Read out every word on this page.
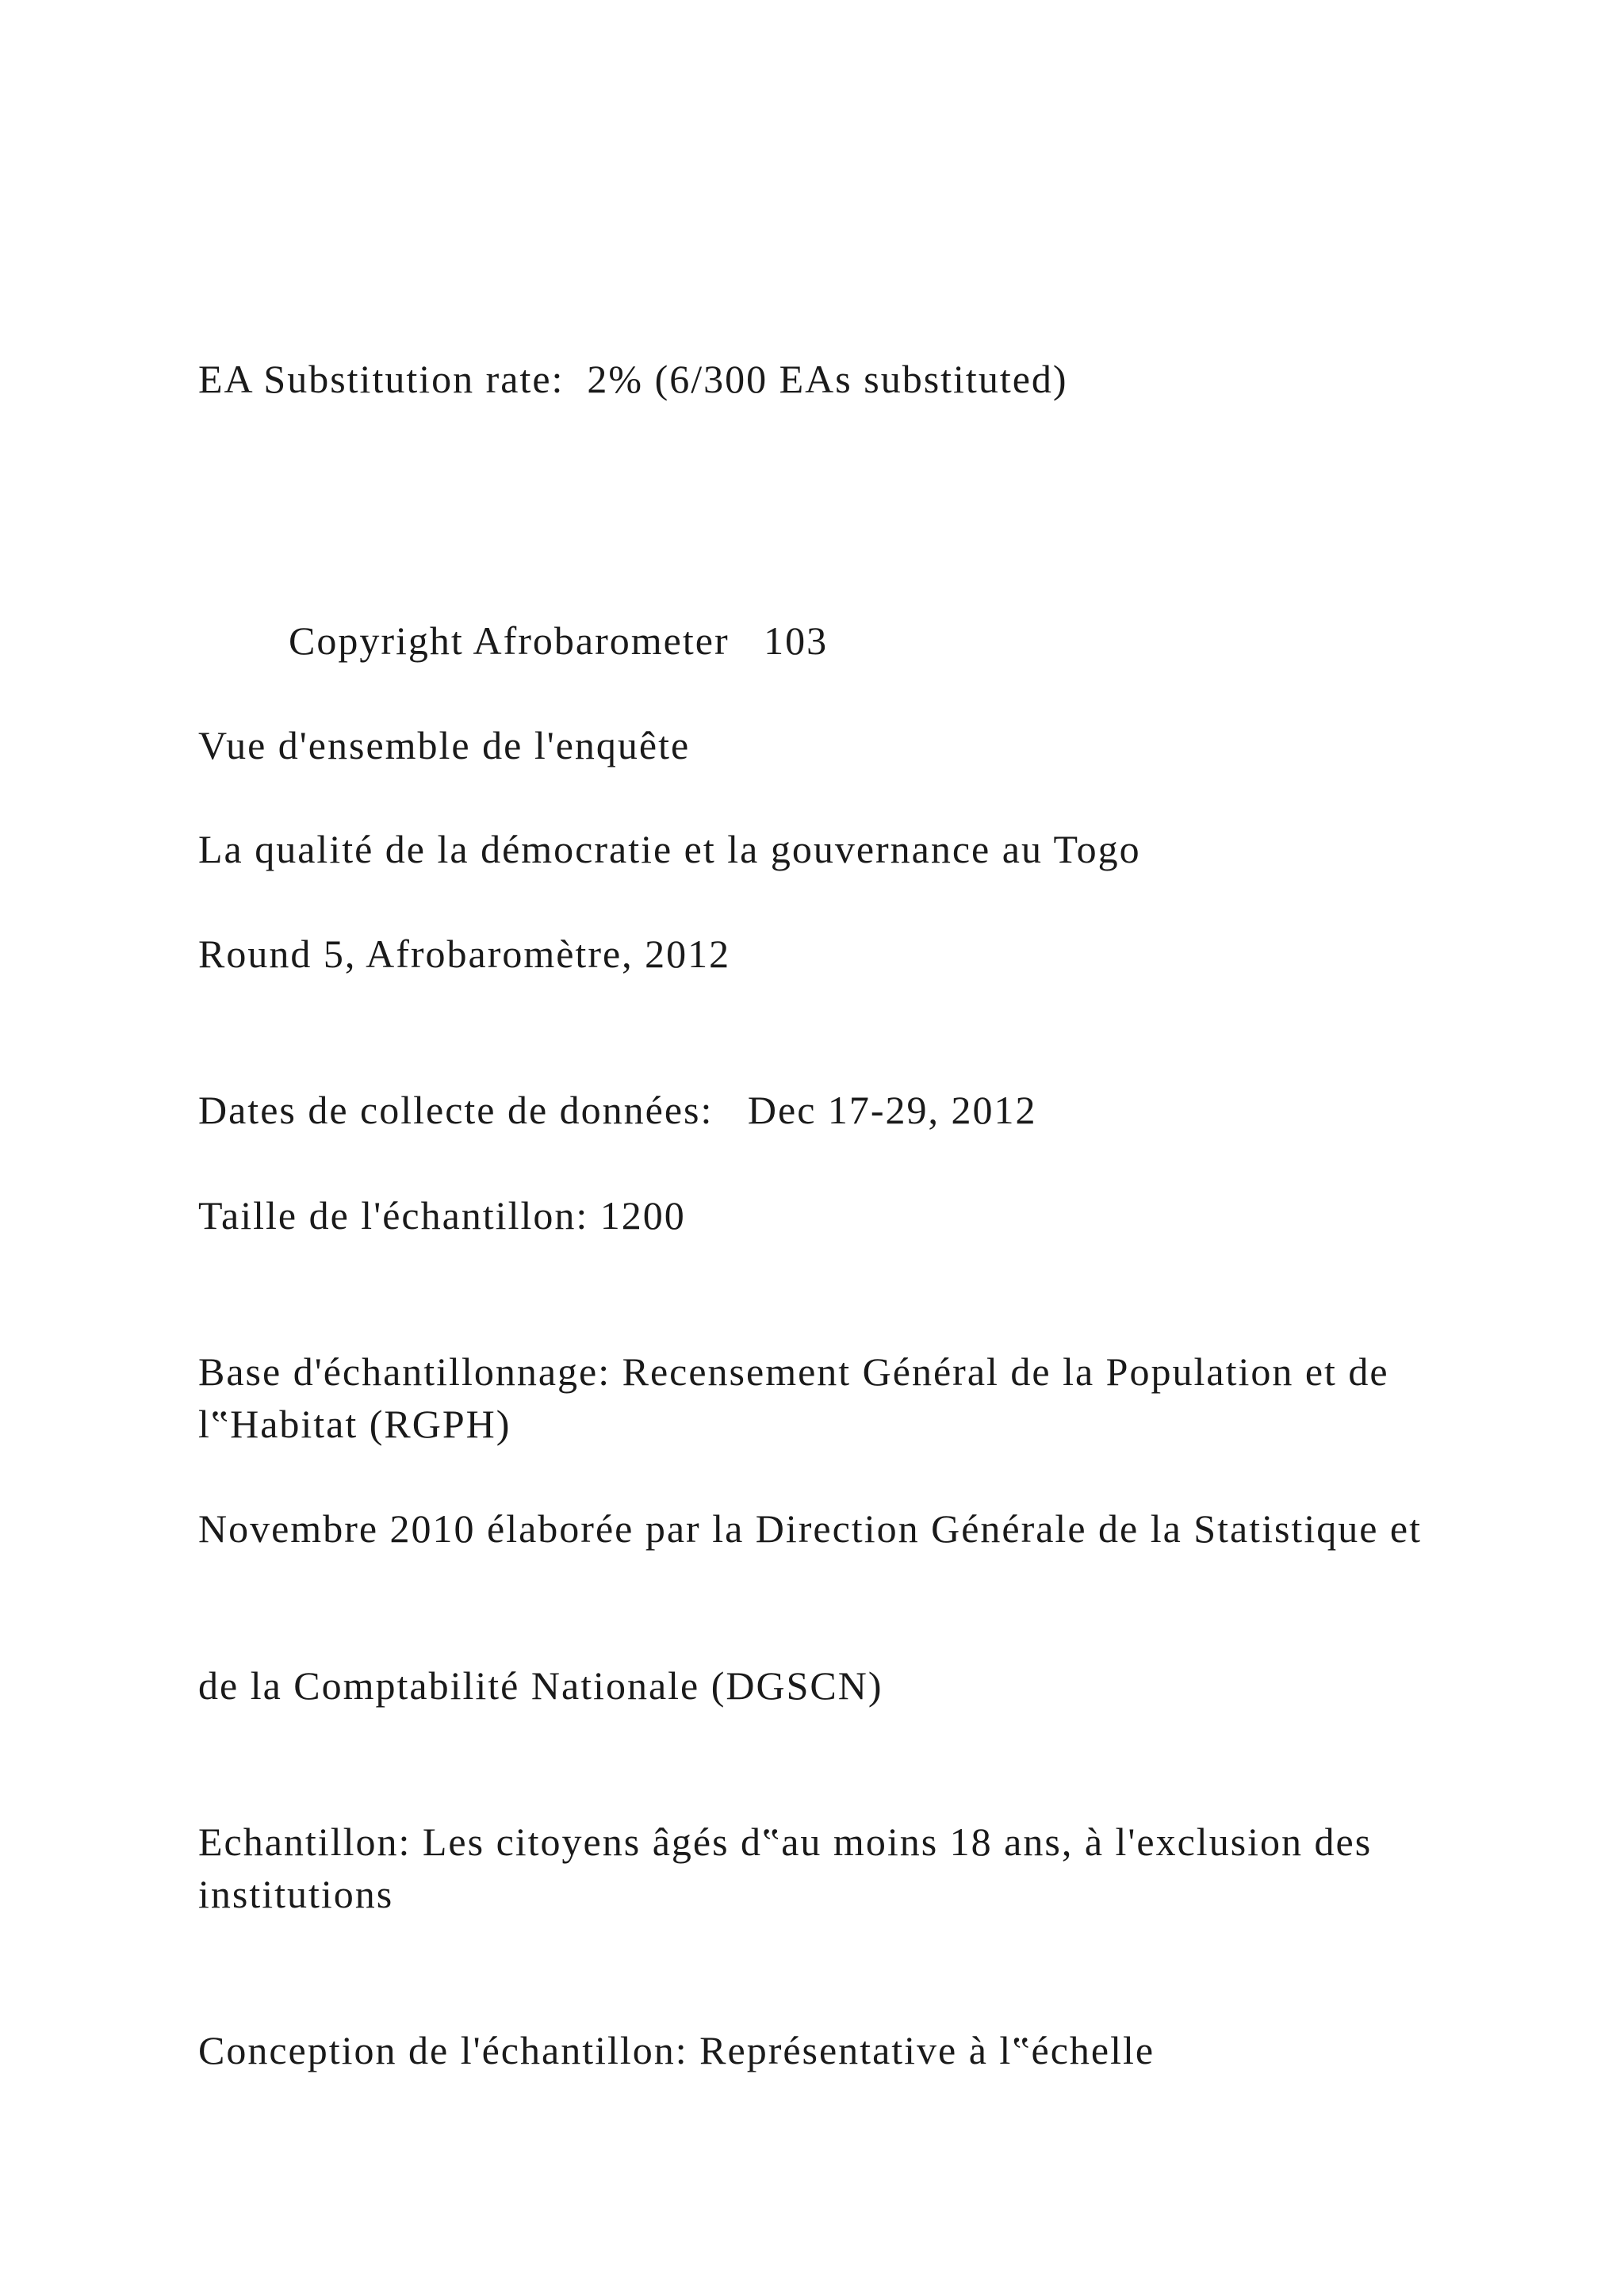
EA Substitution rate:  2% (6/300 EAs substituted)

Copyright Afrobarometer   103

Vue d'ensemble de l'enquête

La qualité de la démocratie et la gouvernance au Togo

Round 5, Afrobaromètre, 2012

Dates de collecte de données:   Dec 17-29, 2012

Taille de l'échantillon: 1200

Base d'échantillonnage: Recensement Général de la Population et de l‟Habitat (RGPH)

Novembre 2010 élaborée par la Direction Générale de la Statistique et

de la Comptabilité Nationale (DGSCN)

Echantillon: Les citoyens âgés d‟au moins 18 ans, à l'exclusion des institutions

Conception de l'échantillon: Représentative à l‟échelle
